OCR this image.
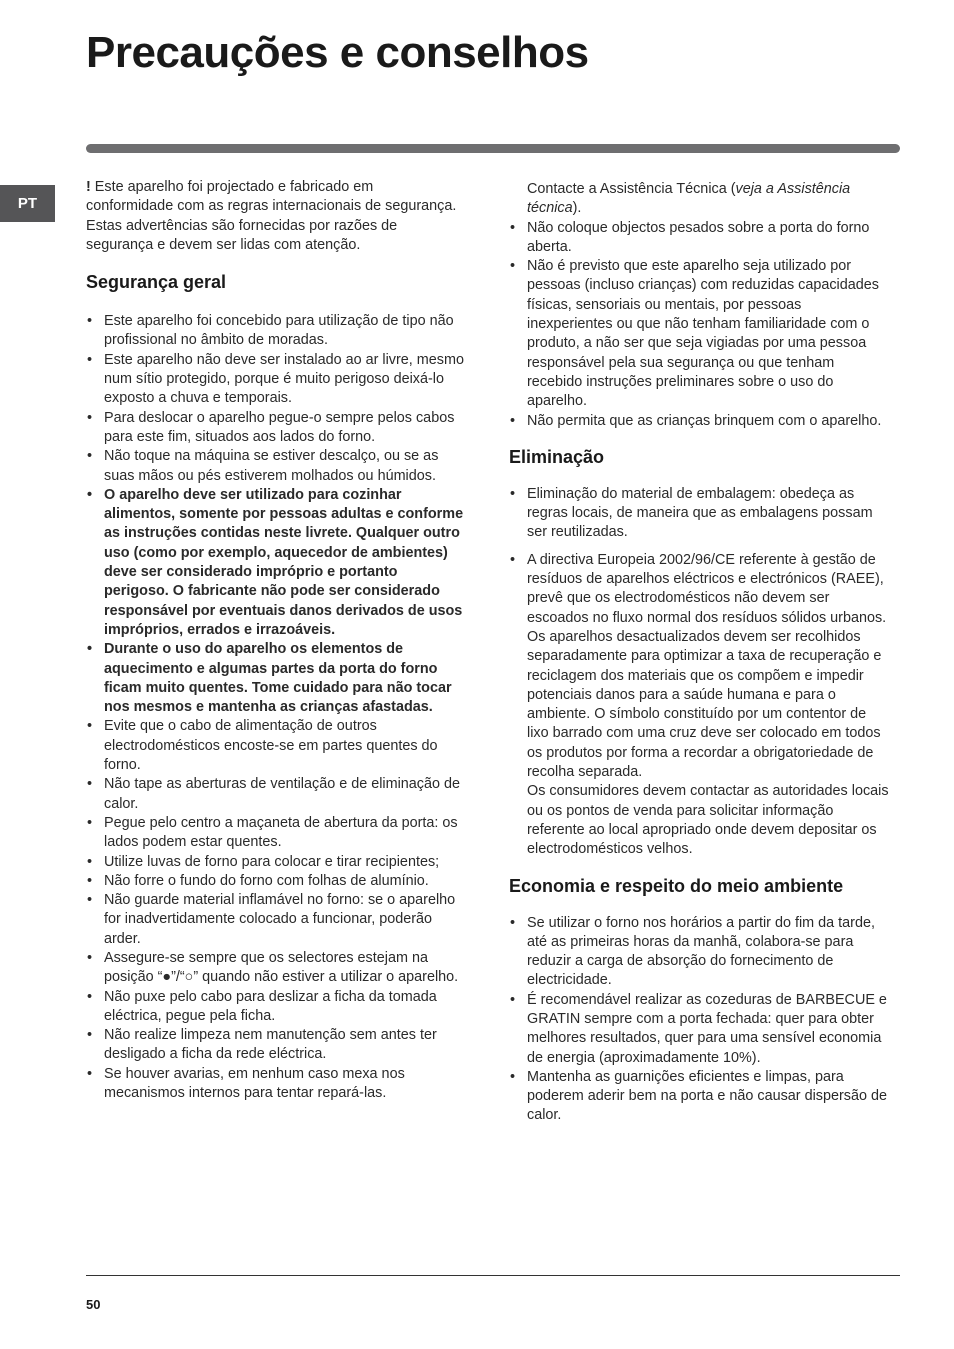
Precauções e conselhos
PT

! Este aparelho foi projectado e fabricado em conformidade com as regras internacionais de segurança. Estas advertências são fornecidas por razões de segurança e devem ser lidas com atenção.

Segurança geral
• Este aparelho foi concebido para utilização de tipo não profissional no âmbito de moradas.
• Este aparelho não deve ser instalado ao ar livre, mesmo num sítio protegido, porque é muito perigoso deixá-lo exposto a chuva e temporais.
• Para deslocar o aparelho pegue-o sempre pelos cabos para este fim, situados aos lados do forno.
• Não toque na máquina se estiver descalço, ou se as suas mãos ou pés estiverem molhados ou húmidos.
• O aparelho deve ser utilizado para cozinhar alimentos, somente por pessoas adultas e conforme as instruções contidas neste livrete. Qualquer outro uso (como por exemplo, aquecedor de ambientes) deve ser considerado impróprio e portanto perigoso. O fabricante não pode ser considerado responsável por eventuais danos derivados de usos impróprios, errados e irrazoáveis.
• Durante o uso do aparelho os elementos de aquecimento e algumas partes da porta do forno ficam muito quentes. Tome cuidado para não tocar nos mesmos e mantenha as crianças afastadas.
• Evite que o cabo de alimentação de outros electrodomésticos encoste-se em partes quentes do forno.
• Não tape as aberturas de ventilação e de eliminação de calor.
• Pegue pelo centro a maçaneta de abertura da porta: os lados podem estar quentes.
• Utilize luvas de forno para colocar e tirar recipientes;
• Não forre o fundo do forno com folhas de alumínio.
• Não guarde material inflamável no forno: se o aparelho for inadvertidamente colocado a funcionar, poderão arder.
• Assegure-se sempre que os selectores estejam na posição “●”/“○” quando não estiver a utilizar o aparelho.
• Não puxe pelo cabo para deslizar a ficha da tomada eléctrica, pegue pela ficha.
• Não realize limpeza nem manutenção sem antes ter desligado a ficha da rede eléctrica.
• Se houver avarias, em nenhum caso mexa nos mecanismos internos para tentar repará-las.

Contacte a Assistência Técnica (veja a Assistência técnica).

• Não coloque objectos pesados sobre a porta do forno aberta.
• Não é previsto que este aparelho seja utilizado por pessoas (incluso crianças) com reduzidas capacidades físicas, sensoriais ou mentais, por pessoas inexperientes ou que não tenham familiaridade com o produto, a não ser que seja vigiadas por uma pessoa responsável pela sua segurança ou que tenham recebido instruções preliminares sobre o uso do aparelho.
• Não permita que as crianças brinquem com o aparelho.
Eliminação
• Eliminação do material de embalagem: obedeça as regras locais, de maneira que as embalagens possam ser reutilizadas.
• A directiva Europeia 2002/96/CE referente à gestão de resíduos de aparelhos eléctricos e electrónicos (RAEE), prevê que os electrodomésticos não devem ser escoados no fluxo normal dos resíduos sólidos urbanos. Os aparelhos desactualizados devem ser recolhidos separadamente para optimizar a taxa de recuperação e reciclagem dos materiais que os compõem e impedir potenciais danos para a saúde humana e para o ambiente. O símbolo constituído por um contentor de lixo barrado com uma cruz deve ser colocado em todos os produtos por forma a recordar a obrigatoriedade de recolha separada.
Os consumidores devem contactar as autoridades locais ou os pontos de venda para solicitar informação referente ao local apropriado onde devem depositar os electrodomésticos velhos.
Economia e respeito do meio ambiente
• Se utilizar o forno nos horários a partir do fim da tarde, até as primeiras horas da manhã, colabora-se para reduzir a carga de absorção do fornecimento de electricidade.
• É recomendável realizar as cozeduras de BARBECUE e GRATIN sempre com a porta fechada: quer para obter melhores resultados, quer para uma sensível economia de energia (aproximadamente 10%).
• Mantenha as guarnições eficientes e limpas, para poderem aderir bem na porta e não causar dispersão de calor.
50
